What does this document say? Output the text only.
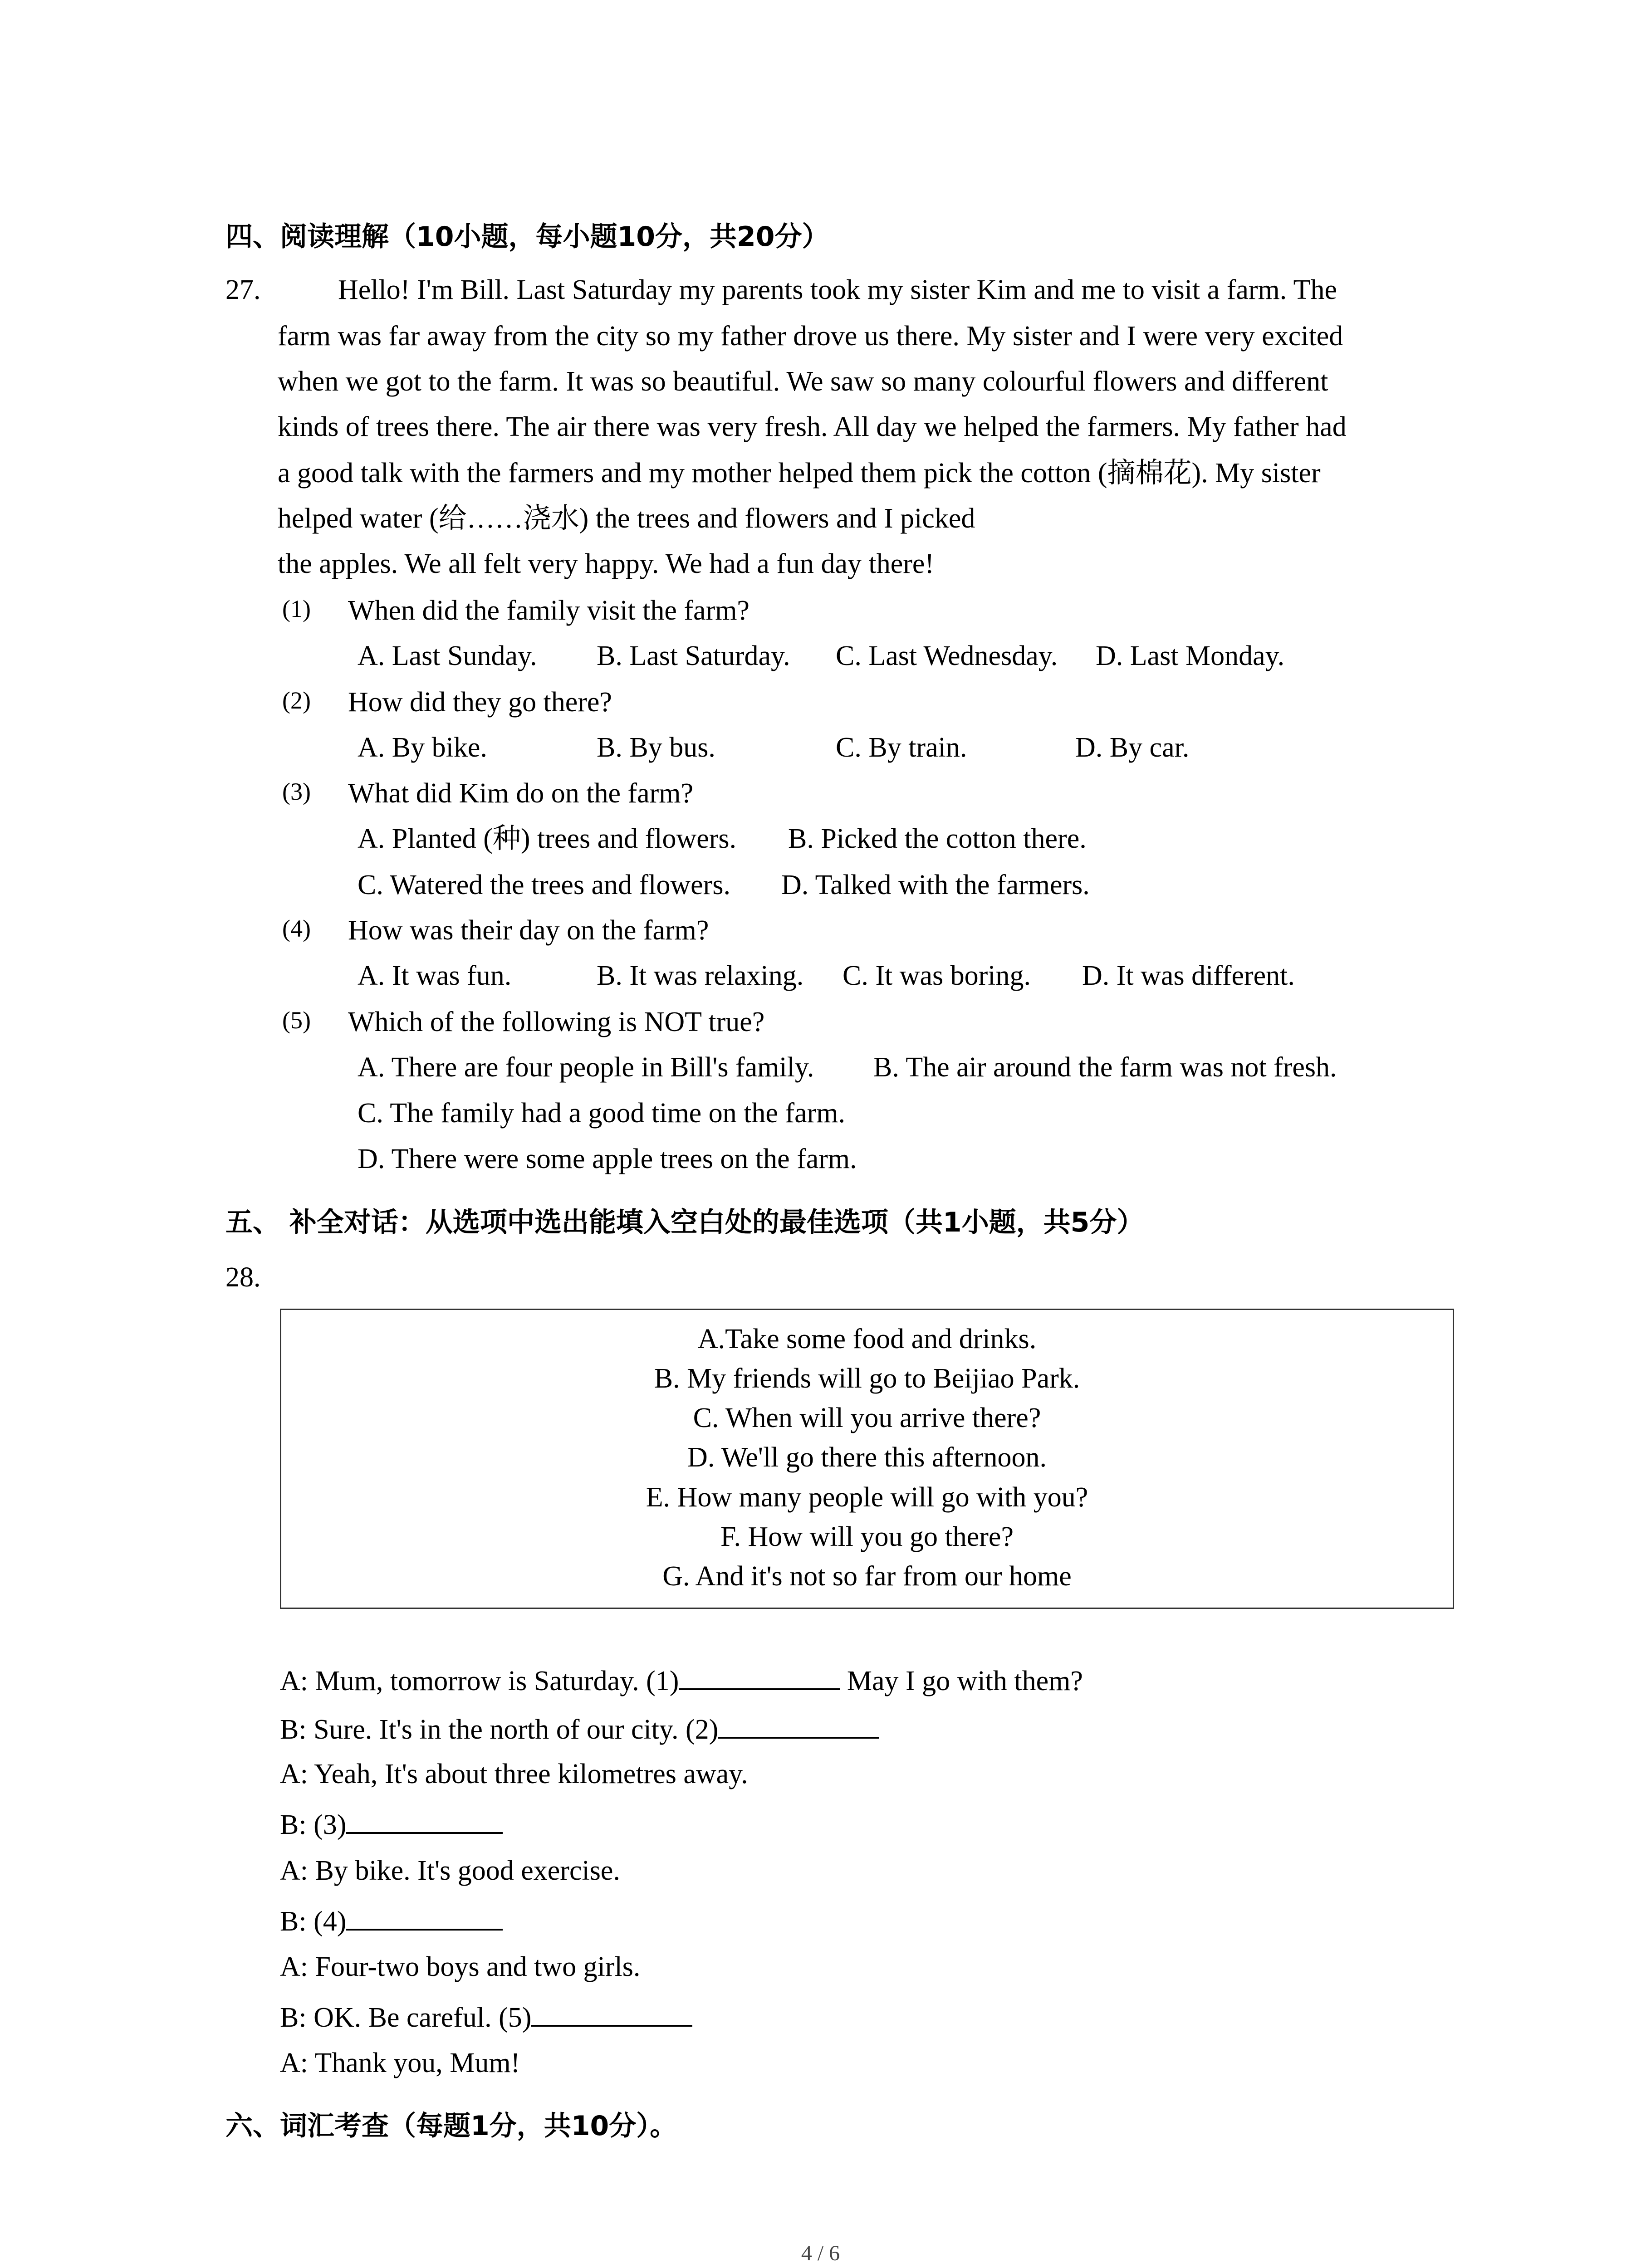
四、阅读理解（10小题，每小题10分，共20分）
27.	Hello! I'm Bill. Last Saturday my parents took my sister Kim and me to visit a farm. The
farm was far away from the city so my father drove us there. My sister and I were very excited
when we got to the farm. It was so beautiful. We saw so many colourful flowers and different
kinds of trees there. The air there was very fresh. All day we helped the farmers. My father had
a good talk with the farmers and my mother helped them pick the cotton (摘棉花). My sister
helped water (给……浇水) the trees and flowers and I picked
the apples. We all felt very happy. We had a fun day there!
(1) When did the family visit the farm?
A. Last Sunday. B. Last Saturday. C. Last Wednesday. D. Last Monday.
(2) How did they go there?
A. By bike.	B. By bus.	C. By train.	D. By car.
(3) What did Kim do on the farm?
A. Planted (种) trees and flowers. B. Picked the cotton there.
C. Watered the trees and flowers. D. Talked with the farmers.
(4) How was their day on the farm?
A. It was fun.	B. It was relaxing. C. It was boring. D. It was different.
(5) Which of the following is NOT true?
A. There are four people in Bill's family. B. The air around the farm was not fresh.
C. The family had a good time on the farm.
D. There were some apple trees on the farm.
五、 补全对话：从选项中选出能填入空白处的最佳选项（共1小题，共5分）
28.
A.Take some food and drinks.
B. My friends will go to Beijiao Park.
C. When will you arrive there?
D. We'll go there this afternoon.
E. How many people will go with you?
F. How will you go there?
G. And it's not so far from our home
A: Mum, tomorrow is Saturday. (1)	May I go with them?
B: Sure. It's in the north of our city. (2)
A: Yeah, It's about three kilometres away.
B: (3)
A: By bike. It's good exercise.
B: (4)
A: Four-two boys and two girls.
B: OK. Be careful. (5)
A: Thank you, Mum!
六、词汇考查（每题1分，共10分）。
4 / 6
